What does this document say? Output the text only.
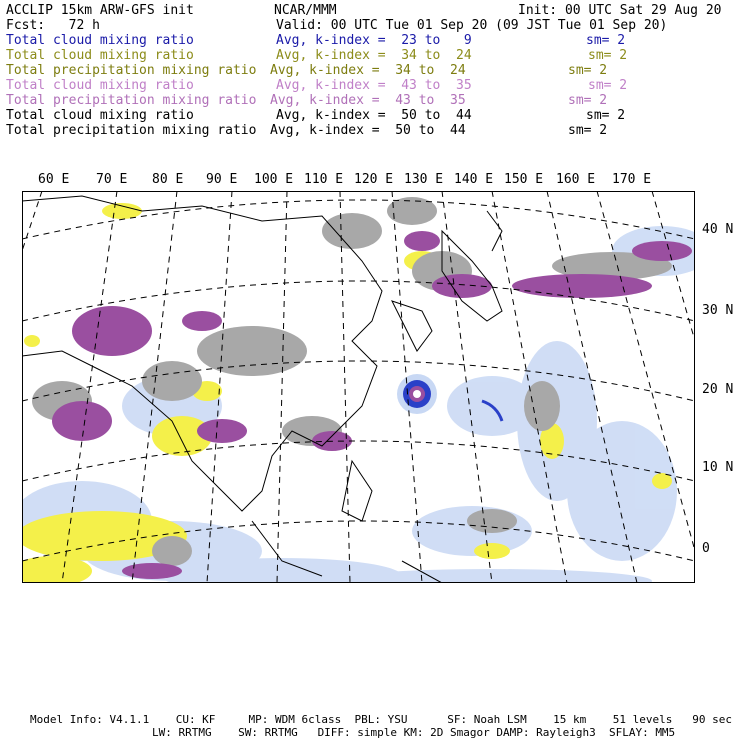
ACCLIP 15km ARW-GFS init	NCAR/MMM	Init: 00 UTC Sat 29 Aug 20
Fcst:   72 h	Valid: 00 UTC Tue 01 Sep 20 (09 JST Tue 01 Sep 20)
Total cloud mixing ratio	Avg, k-index =  23 to   9	sm= 2
Total cloud mixing ratio	Avg, k-index =  34 to  24	sm= 2
Total precipitation mixing ratio Avg, k-index =  34 to  24	sm= 2
Total cloud mixing ratio	Avg, k-index =  43 to  35	sm= 2
Total precipitation mixing ratio Avg, k-index =  43 to  35	sm= 2
Total cloud mixing ratio	Avg, k-index =  50 to  44	sm= 2
Total precipitation mixing ratio Avg, k-index =  50 to  44	sm= 2
60 E 70 E 80 E 90 E 100 E 110 E 120 E 130 E 140 E 150 E 160 E 170 E
40 N
30 N
20 N
10 N
0
Model Info: V4.1.1    CU: KF     MP: WDM 6class  PBL: YSU      SF: Noah LSM    15 km    51 levels   90 sec
LW: RRTMG    SW: RRTMG   DIFF: simple KM: 2D Smagor DAMP: Rayleigh3  SFLAY: MM5
